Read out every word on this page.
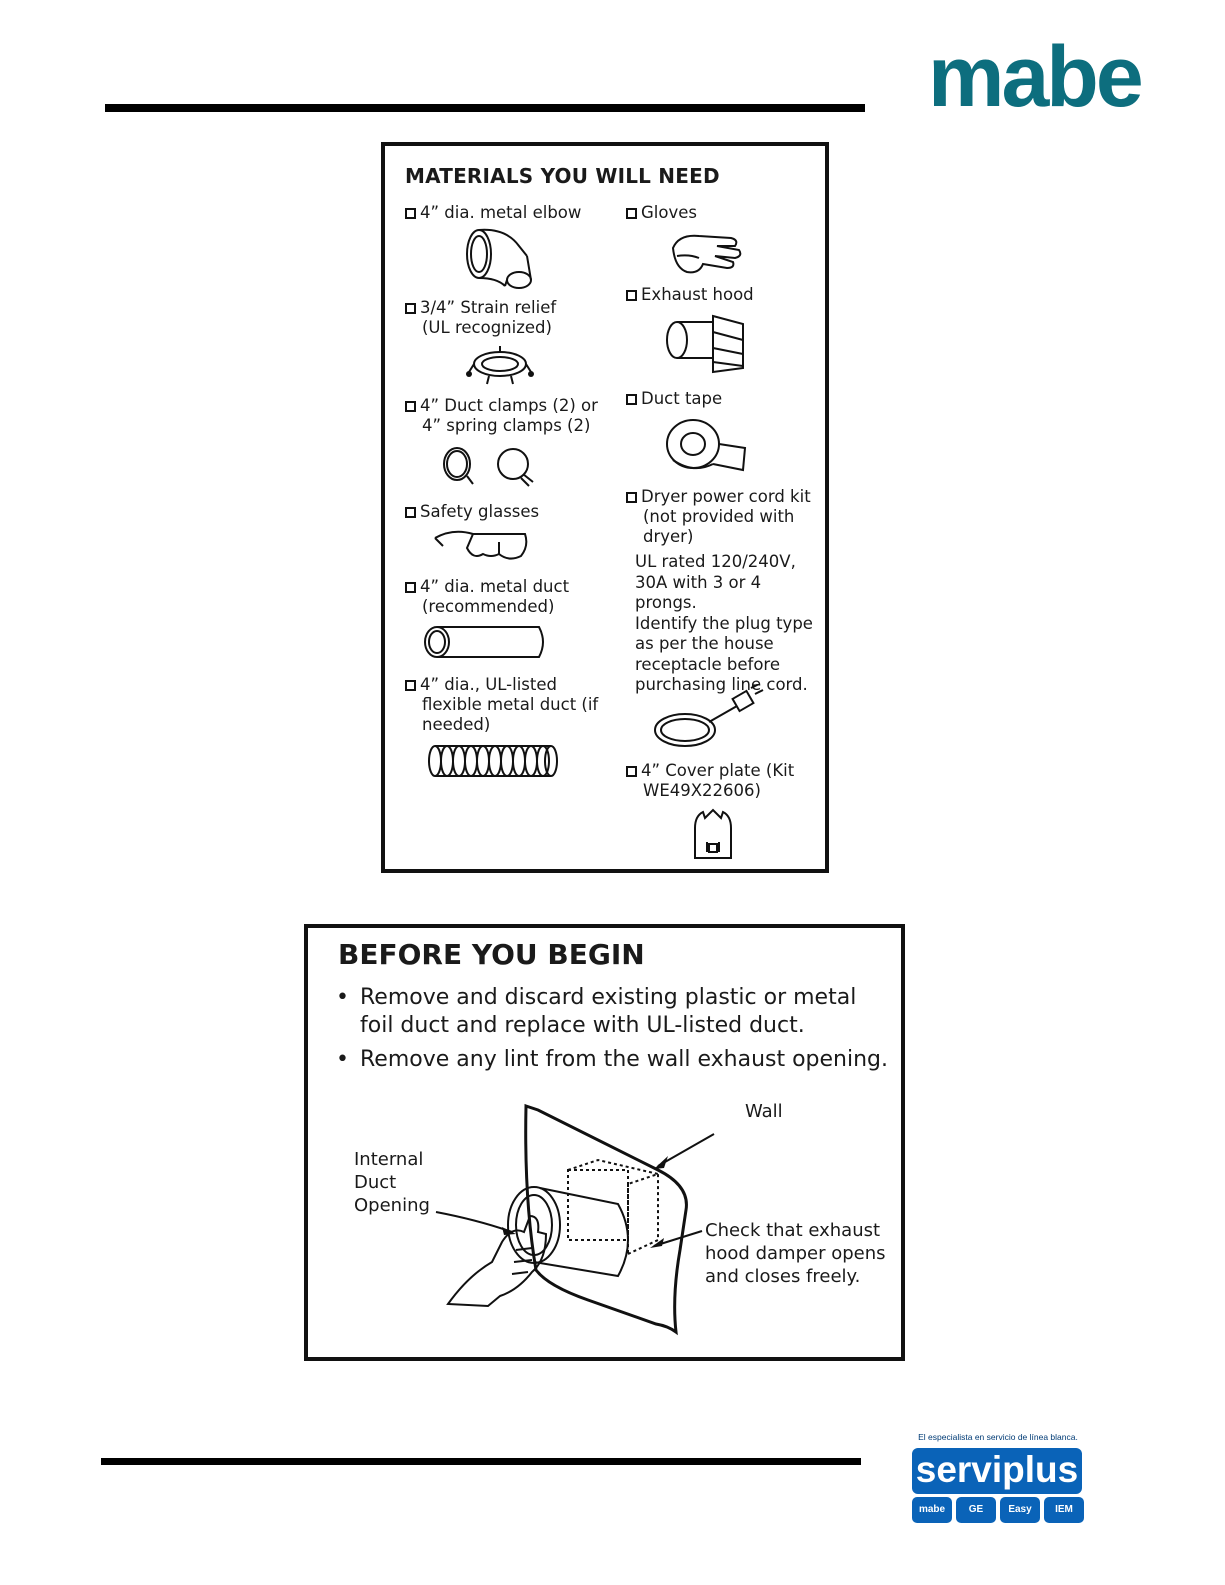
mabe
MATERIALS YOU WILL NEED
4” dia. metal elbow
3/4” Strain relief
(UL recognized)
4” Duct clamps (2) or
4” spring clamps (2)
Safety glasses
4” dia. metal duct
(recommended)
4” dia., UL-listed
flexible metal duct (if
needed)
Gloves
Exhaust hood
Duct tape
Dryer power cord kit
(not provided with
dryer)
UL rated 120/240V,
30A with 3 or 4 prongs.
Identify the plug type
as per the house
receptacle before
purchasing line cord.
4” Cover plate (Kit
WE49X22606)
BEFORE YOU BEGIN
• Remove and discard existing plastic or metal foil duct and replace with UL-listed duct.
• Remove any lint from the wall exhaust opening.
Wall
Internal
Duct
Opening
Check that exhaust
hood damper opens
and closes freely.
El especialista en servicio de línea blanca.
serviplus
mabe	GE	Easy	IEM
